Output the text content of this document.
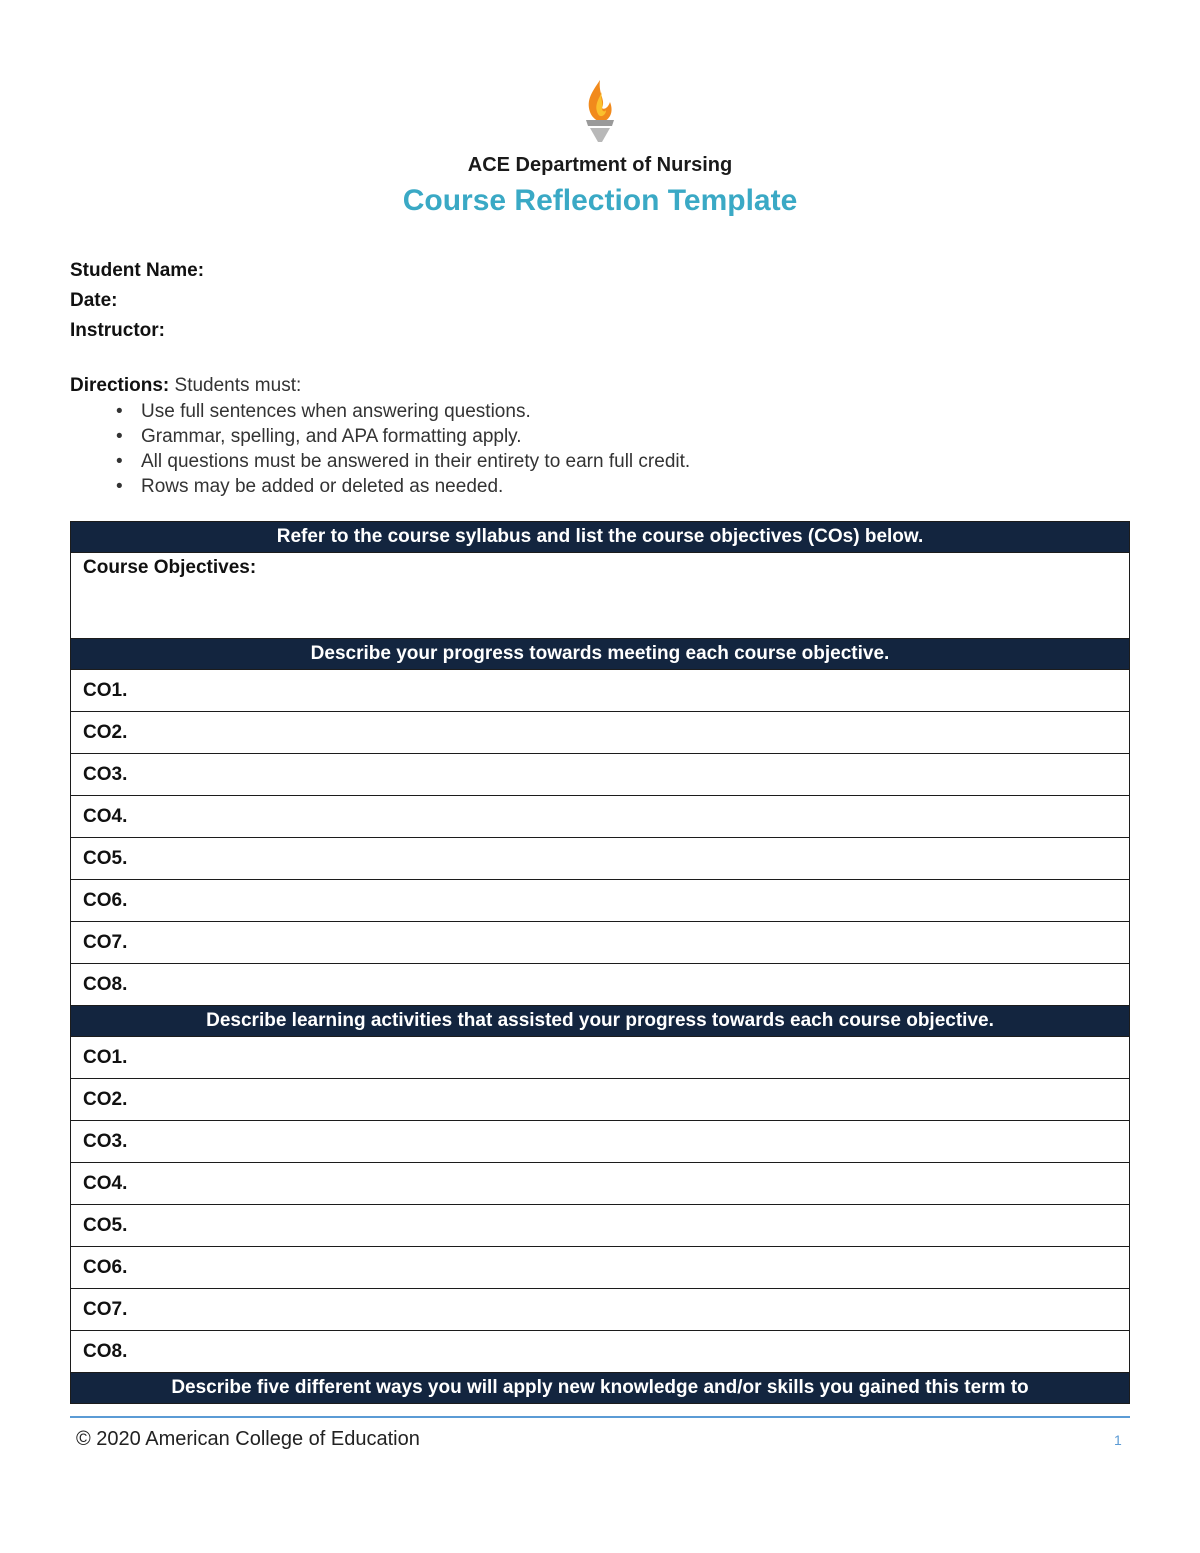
ACE Department of Nursing
Course Reflection Template
Student Name:
Date:
Instructor:
Directions: Students must:
• Use full sentences when answering questions.
• Grammar, spelling, and APA formatting apply.
• All questions must be answered in their entirety to earn full credit.
• Rows may be added or deleted as needed.
Refer to the course syllabus and list the course objectives (COs) below.
Course Objectives:
Describe your progress towards meeting each course objective.
CO1.
CO2.
CO3.
CO4.
CO5.
CO6.
CO7.
CO8.
Describe learning activities that assisted your progress towards each course objective.
CO1.
CO2.
CO3.
CO4.
CO5.
CO6.
CO7.
CO8.
Describe five different ways you will apply new knowledge and/or skills you gained this term to
© 2020 American College of Education	1
